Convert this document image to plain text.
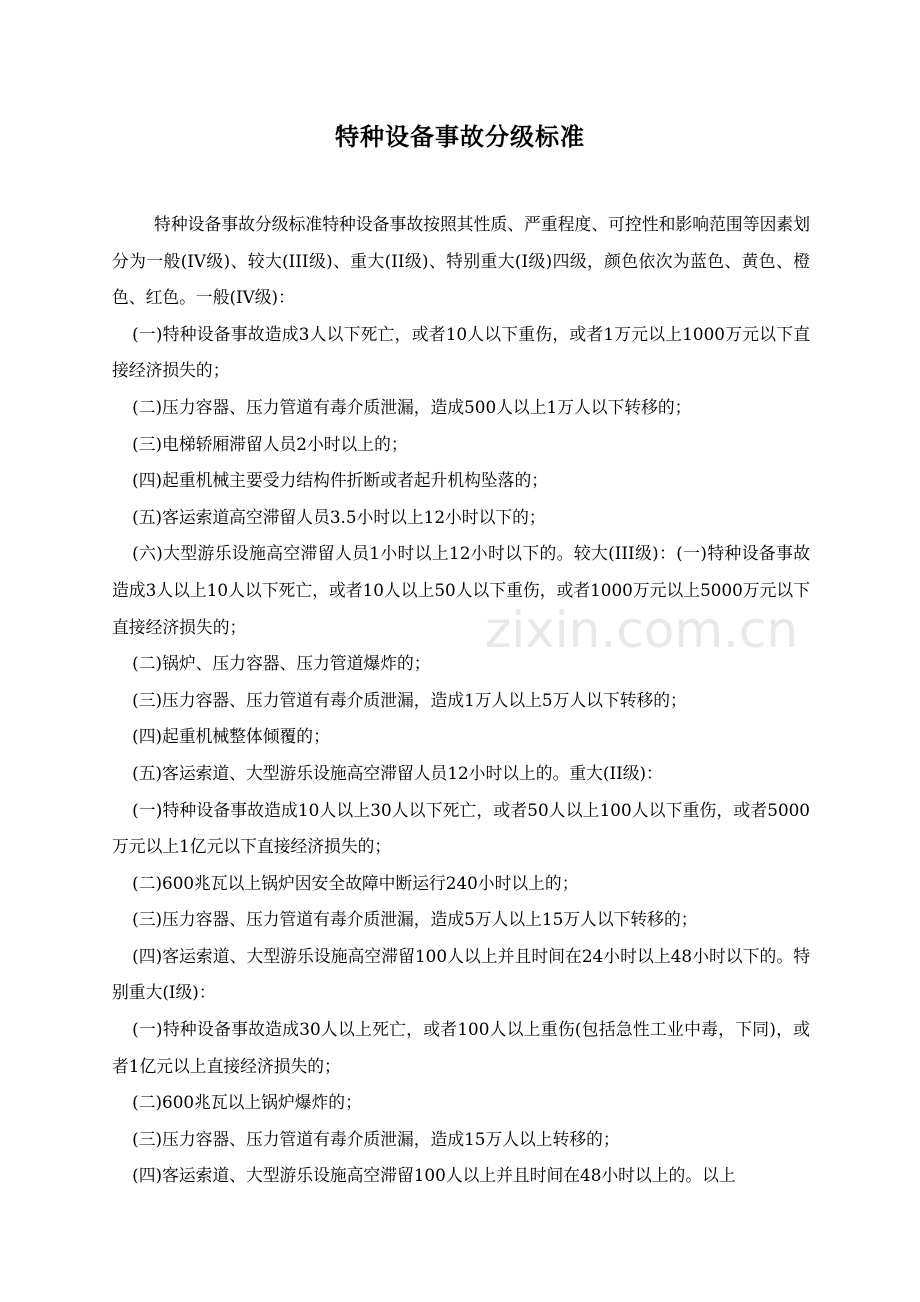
特种设备事故分级标准

特种设备事故分级标准特种设备事故按照其性质、严重程度、可控性和影响范围等因素划分为一般(IV级)、较大(III级)、重大(II级)、特别重大(I级)四级，颜色依次为蓝色、黄色、橙色、红色。一般(IV级)：

(一)特种设备事故造成3人以下死亡，或者10人以下重伤，或者1万元以上1000万元以下直接经济损失的；

(二)压力容器、压力管道有毒介质泄漏，造成500人以上1万人以下转移的；

(三)电梯轿厢滞留人员2小时以上的；

(四)起重机械主要受力结构件折断或者起升机构坠落的；

(五)客运索道高空滞留人员3.5小时以上12小时以下的；

(六)大型游乐设施高空滞留人员1小时以上12小时以下的。较大(III级)：(一)特种设备事故造成3人以上10人以下死亡，或者10人以上50人以下重伤，或者1000万元以上5000万元以下直接经济损失的；

(二)锅炉、压力容器、压力管道爆炸的；

(三)压力容器、压力管道有毒介质泄漏，造成1万人以上5万人以下转移的；

(四)起重机械整体倾覆的；

(五)客运索道、大型游乐设施高空滞留人员12小时以上的。重大(II级)：

(一)特种设备事故造成10人以上30人以下死亡，或者50人以上100人以下重伤，或者5000万元以上1亿元以下直接经济损失的；

(二)600兆瓦以上锅炉因安全故障中断运行240小时以上的；

(三)压力容器、压力管道有毒介质泄漏，造成5万人以上15万人以下转移的；

(四)客运索道、大型游乐设施高空滞留100人以上并且时间在24小时以上48小时以下的。特别重大(I级)：

(一)特种设备事故造成30人以上死亡，或者100人以上重伤(包括急性工业中毒，下同)，或者1亿元以上直接经济损失的；

(二)600兆瓦以上锅炉爆炸的；

(三)压力容器、压力管道有毒介质泄漏，造成15万人以上转移的；

(四)客运索道、大型游乐设施高空滞留100人以上并且时间在48小时以上的。以上

zixin.com.cn
